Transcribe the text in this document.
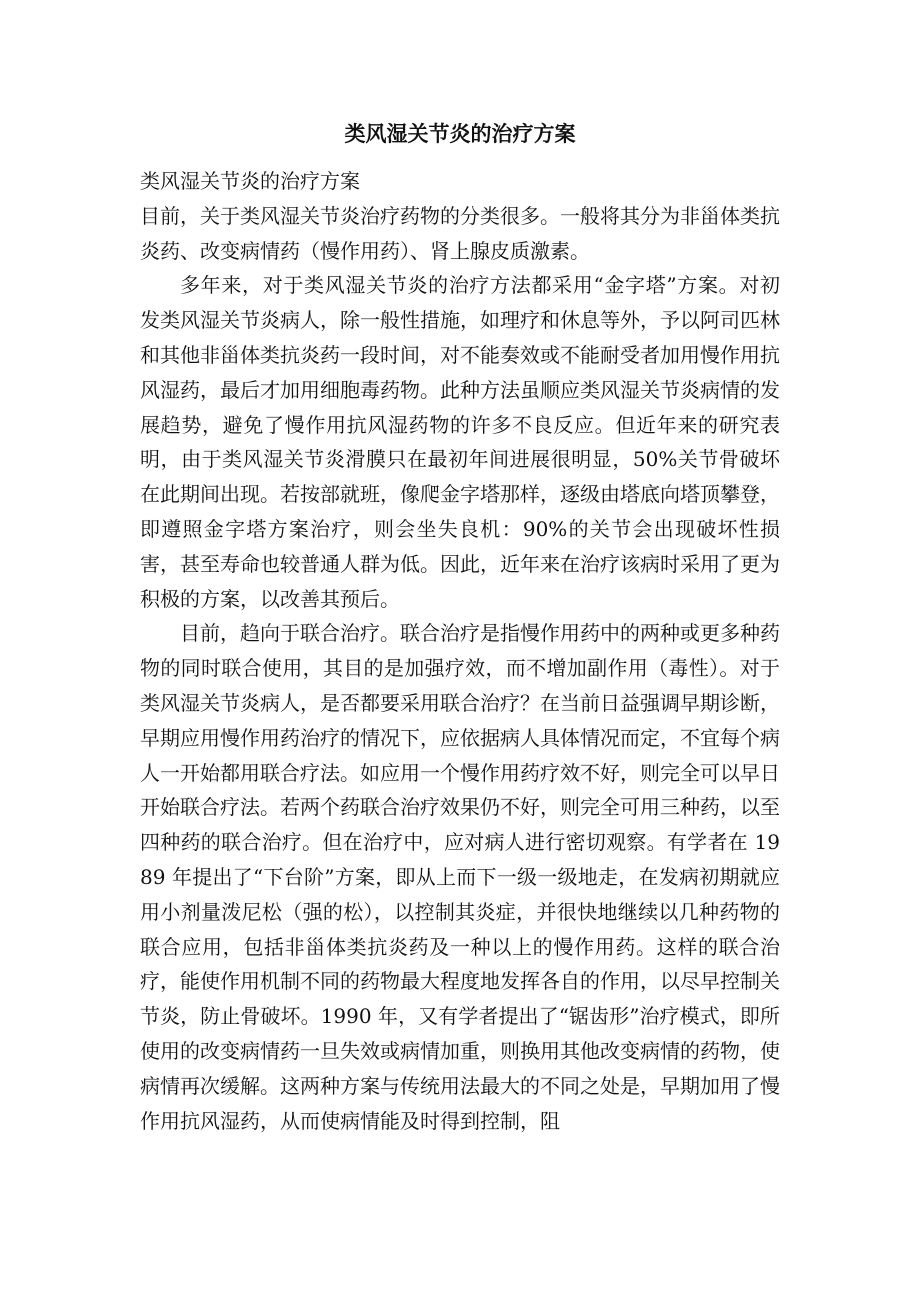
类风湿关节炎的治疗方案

类风湿关节炎的治疗方案

目前，关于类风湿关节炎治疗药物的分类很多。一般将其分为非甾体类抗炎药、改变病情药（慢作用药）、肾上腺皮质激素。

多年来，对于类风湿关节炎的治疗方法都采用“金字塔”方案。对初发类风湿关节炎病人，除一般性措施，如理疗和休息等外，予以阿司匹林和其他非甾体类抗炎药一段时间，对不能奏效或不能耐受者加用慢作用抗风湿药，最后才加用细胞毒药物。此种方法虽顺应类风湿关节炎病情的发展趋势，避免了慢作用抗风湿药物的许多不良反应。但近年来的研究表明，由于类风湿关节炎滑膜只在最初年间进展很明显，50%关节骨破坏在此期间出现。若按部就班，像爬金字塔那样，逐级由塔底向塔顶攀登，即遵照金字塔方案治疗，则会坐失良机：90%的关节会出现破坏性损害，甚至寿命也较普通人群为低。因此，近年来在治疗该病时采用了更为积极的方案，以改善其预后。

目前，趋向于联合治疗。联合治疗是指慢作用药中的两种或更多种药物的同时联合使用，其目的是加强疗效，而不增加副作用（毒性）。对于类风湿关节炎病人，是否都要采用联合治疗？在当前日益强调早期诊断，早期应用慢作用药治疗的情况下，应依据病人具体情况而定，不宜每个病人一开始都用联合疗法。如应用一个慢作用药疗效不好，则完全可以早日开始联合疗法。若两个药联合治疗效果仍不好，则完全可用三种药，以至四种药的联合治疗。但在治疗中，应对病人进行密切观察。有学者在 1989 年提出了“下台阶”方案，即从上而下一级一级地走，在发病初期就应用小剂量泼尼松（强的松），以控制其炎症，并很快地继续以几种药物的联合应用，包括非甾体类抗炎药及一种以上的慢作用药。这样的联合治疗，能使作用机制不同的药物最大程度地发挥各自的作用，以尽早控制关节炎，防止骨破坏。1990 年，又有学者提出了“锯齿形”治疗模式，即所使用的改变病情药一旦失效或病情加重，则换用其他改变病情的药物，使病情再次缓解。这两种方案与传统用法最大的不同之处是，早期加用了慢作用抗风湿药，从而使病情能及时得到控制，阻
